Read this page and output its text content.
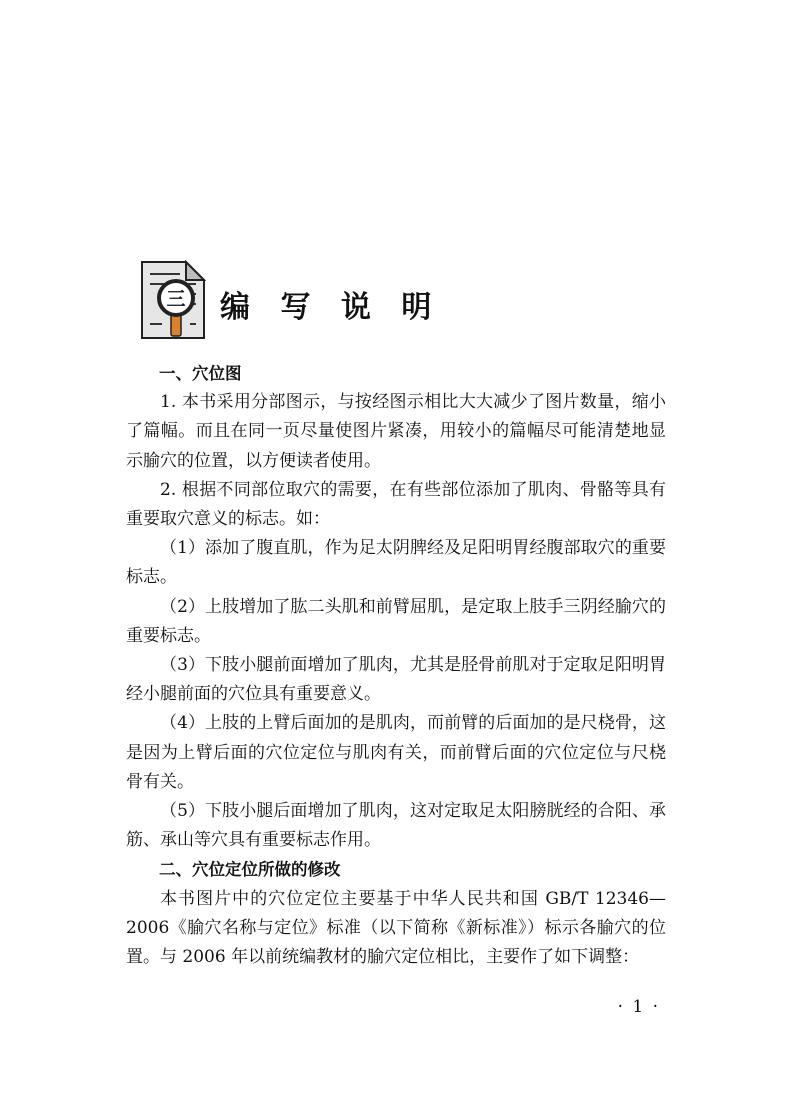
三 编 写 说 明

一、穴位图

1. 本书采用分部图示，与按经图示相比大大减少了图片数量，缩小了篇幅。而且在同一页尽量使图片紧凑，用较小的篇幅尽可能清楚地显示腧穴的位置，以方便读者使用。

2. 根据不同部位取穴的需要，在有些部位添加了肌肉、骨骼等具有重要取穴意义的标志。如：

（1）添加了腹直肌，作为足太阴脾经及足阳明胃经腹部取穴的重要标志。

（2）上肢增加了肱二头肌和前臂屈肌，是定取上肢手三阴经腧穴的重要标志。

（3）下肢小腿前面增加了肌肉，尤其是胫骨前肌对于定取足阳明胃经小腿前面的穴位具有重要意义。

（4）上肢的上臂后面加的是肌肉，而前臂的后面加的是尺桡骨，这是因为上臂后面的穴位定位与肌肉有关，而前臂后面的穴位定位与尺桡骨有关。

（5）下肢小腿后面增加了肌肉，这对定取足太阳膀胱经的合阳、承筋、承山等穴具有重要标志作用。

二、穴位定位所做的修改

本书图片中的穴位定位主要基于中华人民共和国 GB/T 12346—2006《腧穴名称与定位》标准（以下简称《新标准》）标示各腧穴的位置。与 2006 年以前统编教材的腧穴定位相比，主要作了如下调整：

· 1 ·
